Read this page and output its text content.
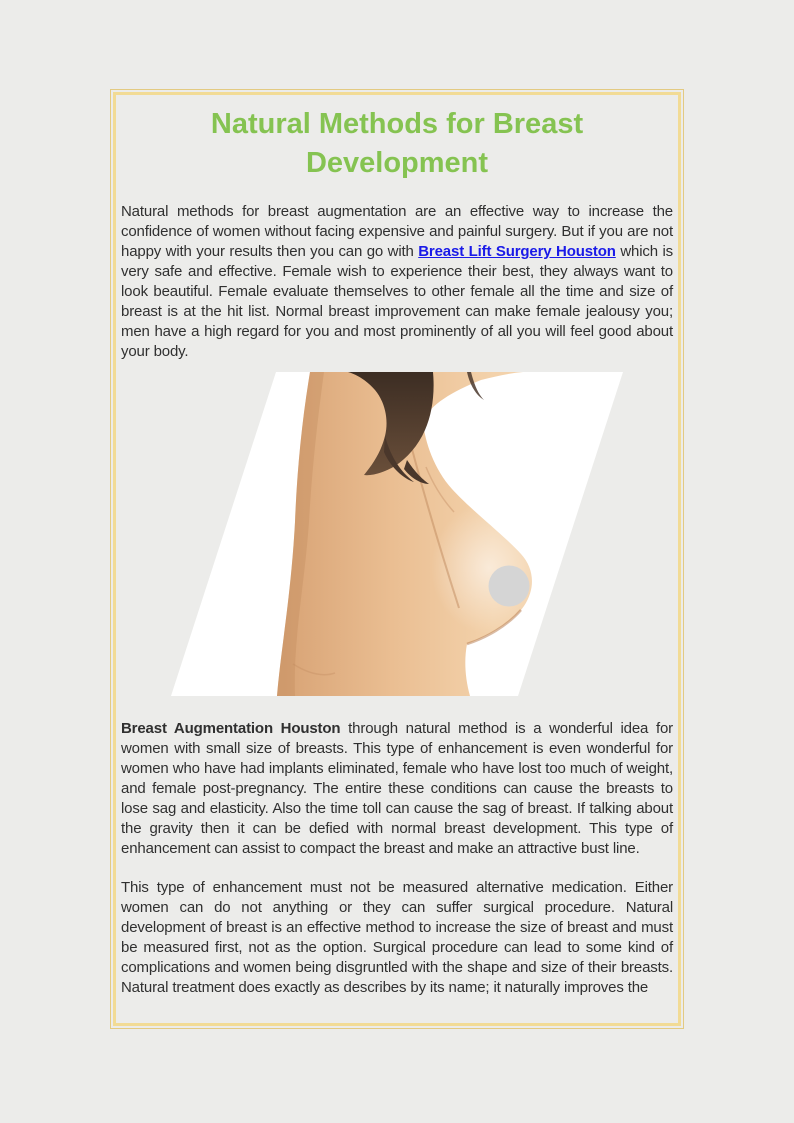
Natural Methods for Breast Development

Natural methods for breast augmentation are an effective way to increase the confidence of women without facing expensive and painful surgery. But if you are not happy with your results then you can go with Breast Lift Surgery Houston which is very safe and effective. Female wish to experience their best, they always want to look beautiful. Female evaluate themselves to other female all the time and size of breast is at the hit list. Normal breast improvement can make female jealousy you; men have a high regard for you and most prominently of all you will feel good about your body.

Breast Augmentation Houston through natural method is a wonderful idea for women with small size of breasts. This type of enhancement is even wonderful for women who have had implants eliminated, female who have lost too much of weight, and female post-pregnancy. The entire these conditions can cause the breasts to lose sag and elasticity. Also the time toll can cause the sag of breast. If talking about the gravity then it can be defied with normal breast development. This type of enhancement can assist to compact the breast and make an attractive bust line.

This type of enhancement must not be measured alternative medication. Either women can do not anything or they can suffer surgical procedure. Natural development of breast is an effective method to increase the size of breast and must be measured first, not as the option. Surgical procedure can lead to some kind of complications and women being disgruntled with the shape and size of their breasts. Natural treatment does exactly as describes by its name; it naturally improves the
